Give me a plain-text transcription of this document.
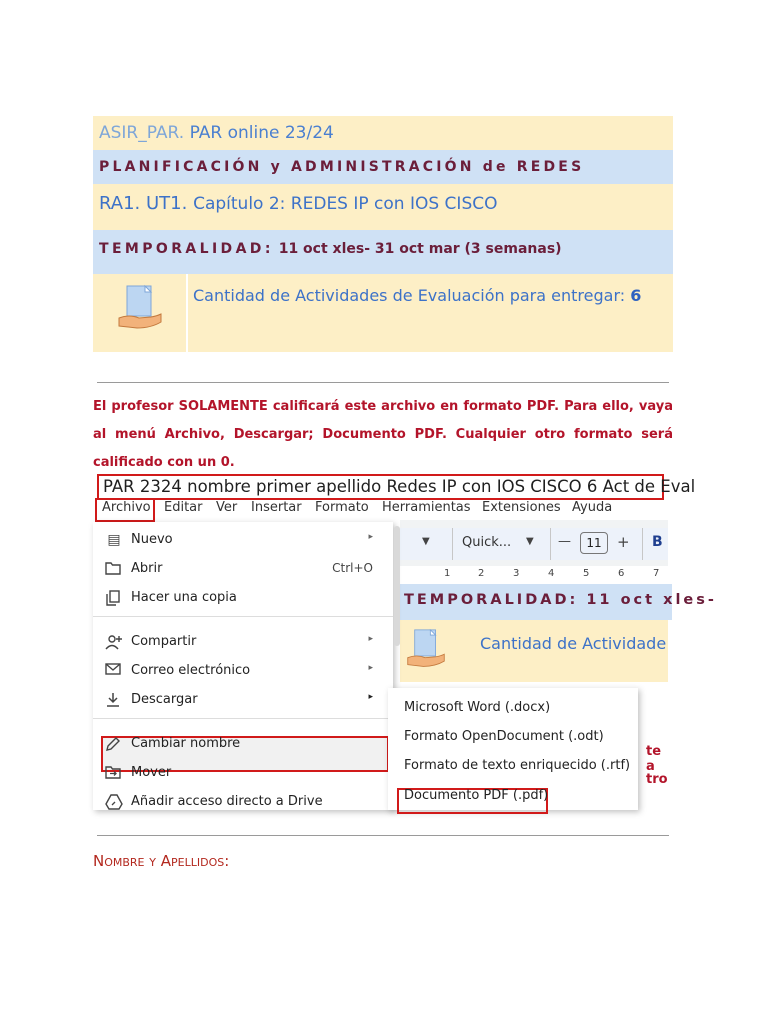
ASIR_PAR. PAR online 23/24
PLANIFICACIÓN y ADMINISTRACIÓN de REDES
RA1. UT1. Capítulo 2: REDES IP con IOS CISCO
TEMPORALIDAD: 11 oct xles- 31 oct mar (3 semanas)
Cantidad de Actividades de Evaluación para entregar: 6
El profesor SOLAMENTE calificará este archivo en formato PDF. Para ello, vaya al menú Archivo, Descargar; Documento PDF. Cualquier otro formato será calificado con un 0.
PAR 2324 nombre primer apellido Redes IP con IOS CISCO 6 Act de Eval
Archivo Editar Ver Insertar Formato Herramientas Extensiones Ayuda
▼ Quick... ▼ —	11	+ B
1	2	3	4	5	6	7
TEMPORALIDAD: 11 oct xles-
Cantidad de Actividade
te a
tro
▤ Nuevo	▸
Abrir	Ctrl+O
Hacer una copia
Compartir	▸
Correo electrónico	▸
Descargar	▸
Cambiar nombre
Mover
Añadir acceso directo a Drive
Microsoft Word (.docx)
Formato OpenDocument (.odt)
Formato de texto enriquecido (.rtf)
Documento PDF (.pdf)
Nombre y Apellidos:
